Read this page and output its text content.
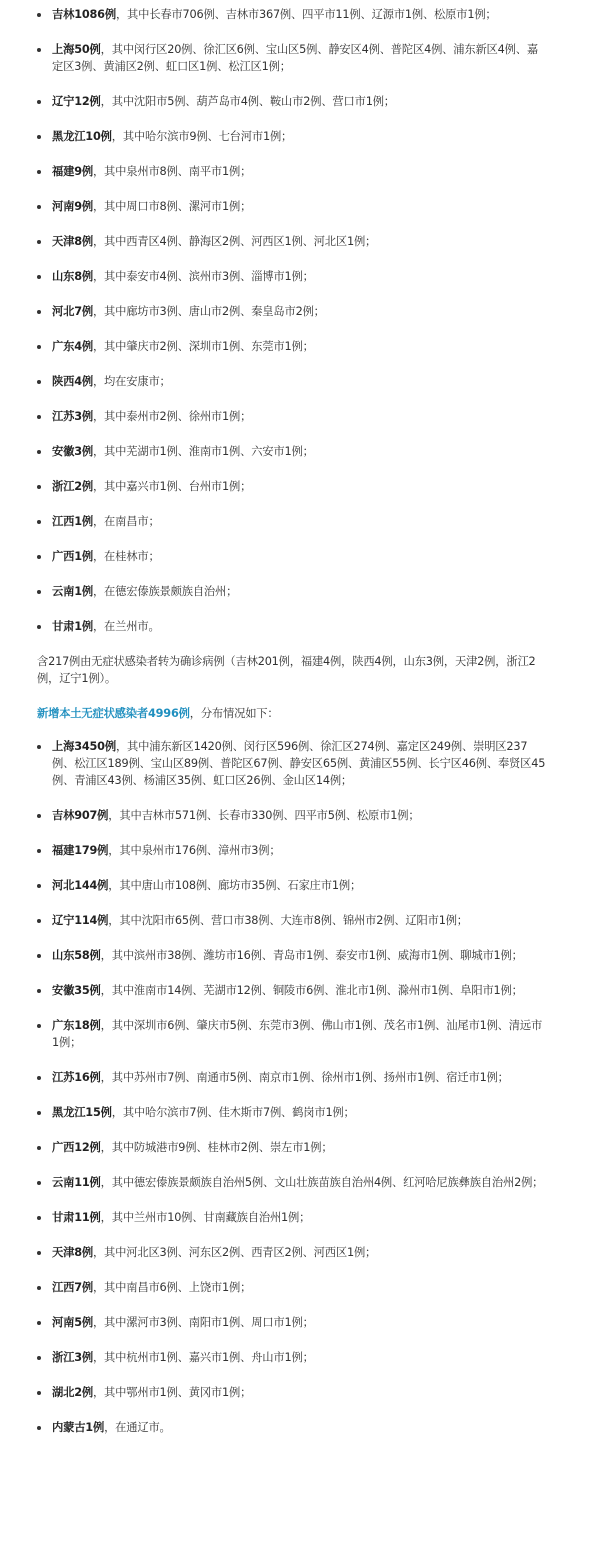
吉林1086例，其中长春市706例、吉林市367例、四平市11例、辽源市1例、松原市1例；
上海50例，其中闵行区20例、徐汇区6例、宝山区5例、静安区4例、普陀区4例、浦东新区4例、嘉定区3例、黄浦区2例、虹口区1例、松江区1例；
辽宁12例，其中沈阳市5例、葫芦岛市4例、鞍山市2例、营口市1例；
黑龙江10例，其中哈尔滨市9例、七台河市1例；
福建9例，其中泉州市8例、南平市1例；
河南9例，其中周口市8例、漯河市1例；
天津8例，其中西青区4例、静海区2例、河西区1例、河北区1例；
山东8例，其中泰安市4例、滨州市3例、淄博市1例；
河北7例，其中廊坊市3例、唐山市2例、秦皇岛市2例；
广东4例，其中肇庆市2例、深圳市1例、东莞市1例；
陕西4例，均在安康市；
江苏3例，其中泰州市2例、徐州市1例；
安徽3例，其中芜湖市1例、淮南市1例、六安市1例；
浙江2例，其中嘉兴市1例、台州市1例；
江西1例，在南昌市；
广西1例，在桂林市；
云南1例，在德宏傣族景颇族自治州；
甘肃1例，在兰州市。

含217例由无症状感染者转为确诊病例（吉林201例，福建4例，陕西4例，山东3例，天津2例，浙江2例，辽宁1例）。

新增本土无症状感染者4996例，分布情况如下：

上海3450例，其中浦东新区1420例、闵行区596例、徐汇区274例、嘉定区249例、崇明区237例、松江区189例、宝山区89例、普陀区67例、静安区65例、黄浦区55例、长宁区46例、奉贤区45例、青浦区43例、杨浦区35例、虹口区26例、金山区14例；
吉林907例，其中吉林市571例、长春市330例、四平市5例、松原市1例；
福建179例，其中泉州市176例、漳州市3例；
河北144例，其中唐山市108例、廊坊市35例、石家庄市1例；
辽宁114例，其中沈阳市65例、营口市38例、大连市8例、锦州市2例、辽阳市1例；
山东58例，其中滨州市38例、潍坊市16例、青岛市1例、泰安市1例、威海市1例、聊城市1例；
安徽35例，其中淮南市14例、芜湖市12例、铜陵市6例、淮北市1例、滁州市1例、阜阳市1例；
广东18例，其中深圳市6例、肇庆市5例、东莞市3例、佛山市1例、茂名市1例、汕尾市1例、清远市1例；
江苏16例，其中苏州市7例、南通市5例、南京市1例、徐州市1例、扬州市1例、宿迁市1例；
黑龙江15例，其中哈尔滨市7例、佳木斯市7例、鹤岗市1例；
广西12例，其中防城港市9例、桂林市2例、崇左市1例；
云南11例，其中德宏傣族景颇族自治州5例、文山壮族苗族自治州4例、红河哈尼族彝族自治州2例；
甘肃11例，其中兰州市10例、甘南藏族自治州1例；
天津8例，其中河北区3例、河东区2例、西青区2例、河西区1例；
江西7例，其中南昌市6例、上饶市1例；
河南5例，其中漯河市3例、南阳市1例、周口市1例；
浙江3例，其中杭州市1例、嘉兴市1例、舟山市1例；
湖北2例，其中鄂州市1例、黄冈市1例；
内蒙古1例，在通辽市。
